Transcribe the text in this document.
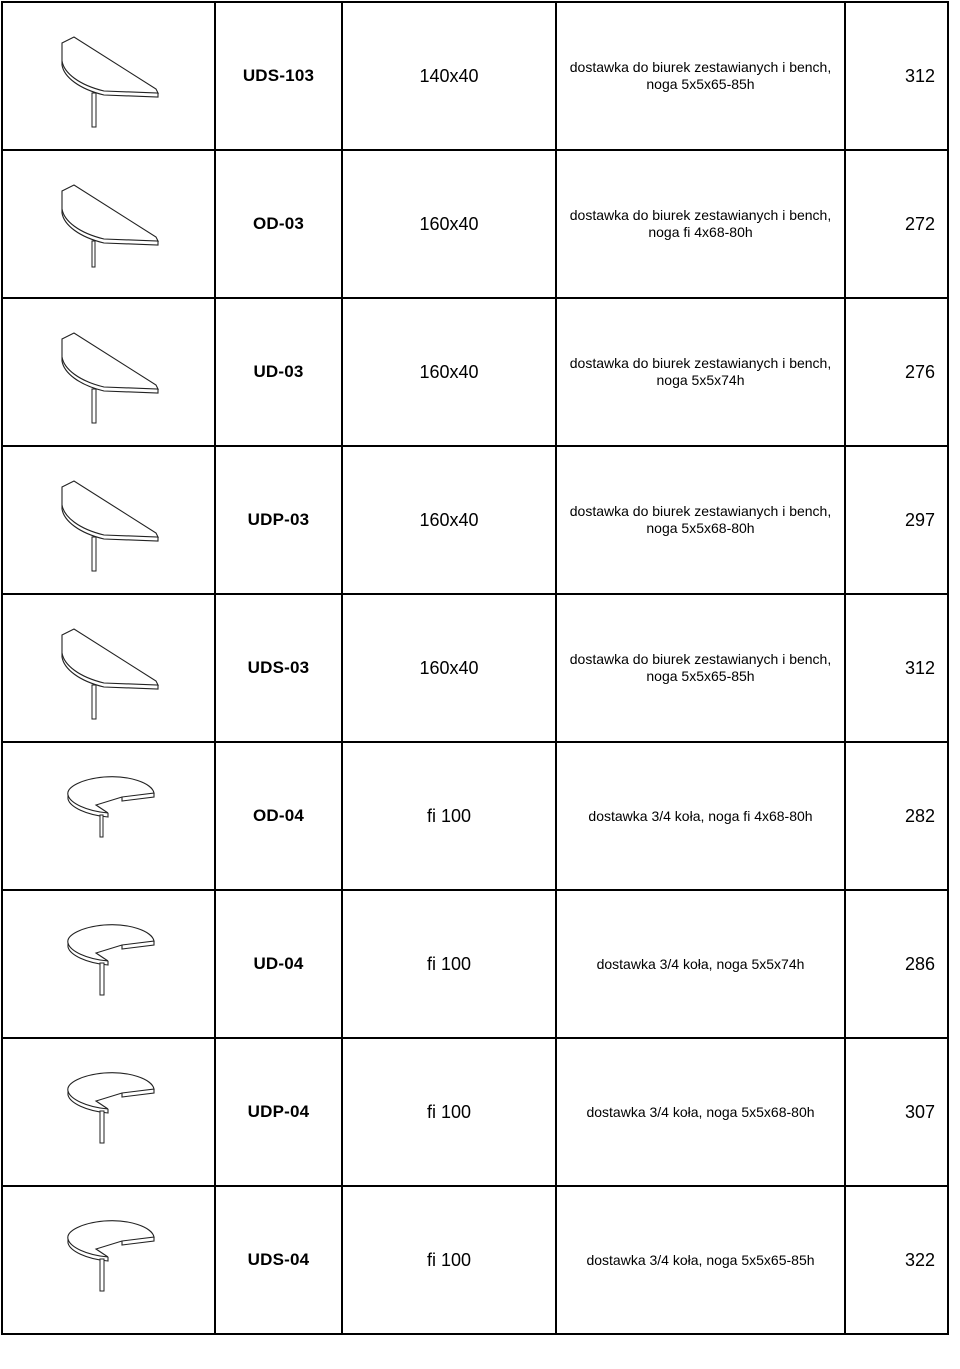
	UDS-103	140x40	dostawka do biurek zestawianych i bench,
noga 5x5x65-85h	312

	OD-03	160x40	dostawka do biurek zestawianych i bench,
noga fi 4x68-80h	272

	UD-03	160x40	dostawka do biurek zestawianych i bench,
noga 5x5x74h	276

	UDP-03	160x40	dostawka do biurek zestawianych i bench,
noga 5x5x68-80h	297

	UDS-03	160x40	dostawka do biurek zestawianych i bench,
noga 5x5x65-85h	312

	OD-04	fi 100	dostawka 3/4 koła, noga fi 4x68-80h	282

	UD-04	fi 100	dostawka 3/4 koła, noga 5x5x74h	286

	UDP-04	fi 100	dostawka 3/4 koła, noga 5x5x68-80h	307

	UDS-04	fi 100	dostawka 3/4 koła, noga 5x5x65-85h	322
